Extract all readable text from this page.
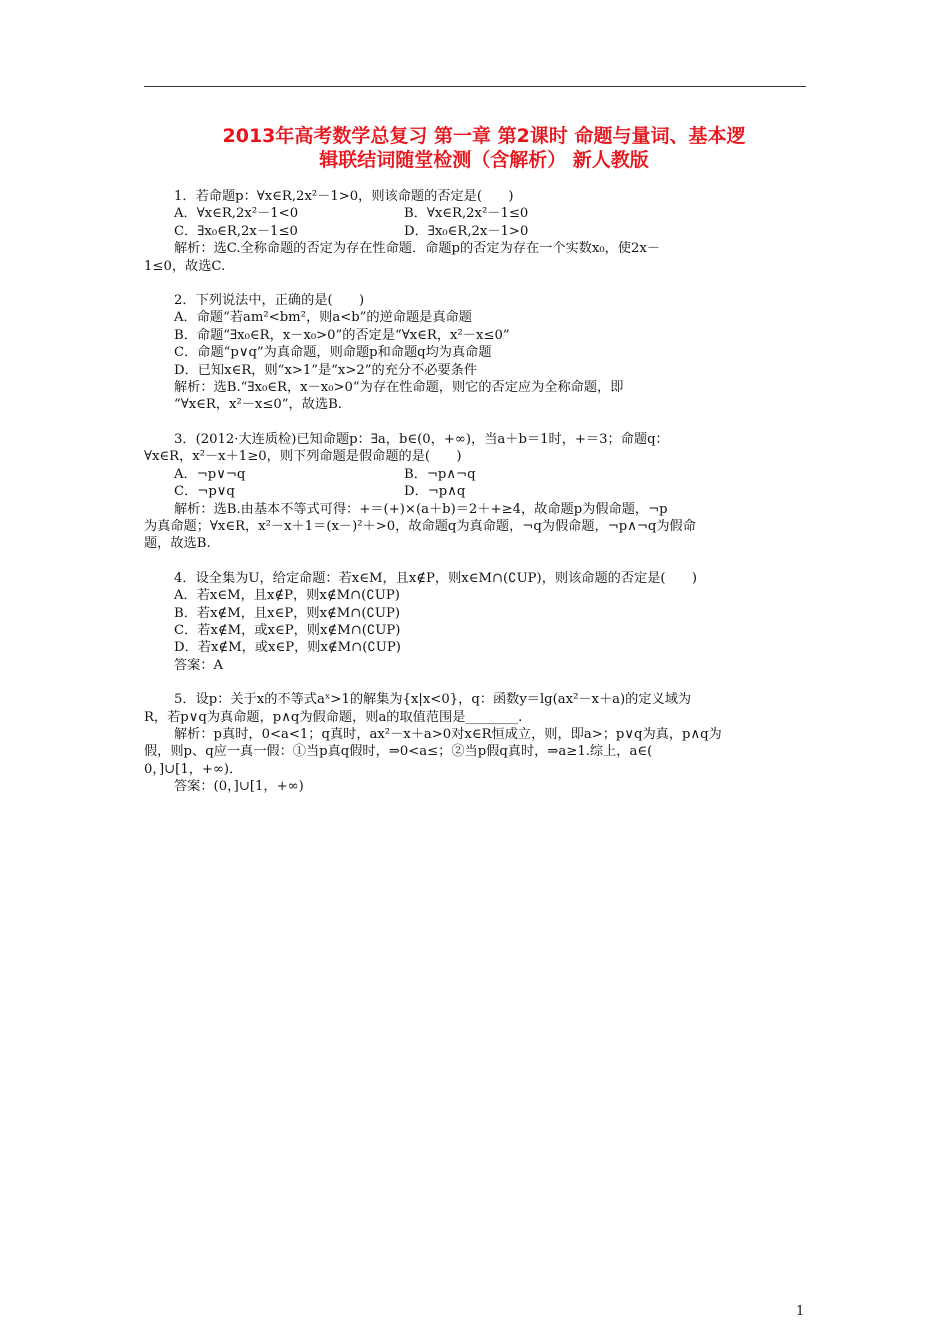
2013年高考数学总复习 第一章 第2课时 命题与量词、基本逻
辑联结词随堂检测（含解析） 新人教版
1．若命题p：∀x∈R,2x²－1>0，则该命题的否定是(　　)
A．∀x∈R,2x²－1<0	B．∀x∈R,2x²－1≤0
C．∃x₀∈R,2x－1≤0	D．∃x₀∈R,2x－1>0
解析：选C.全称命题的否定为存在性命题．命题p的否定为存在一个实数x₀，使2x－
1≤0，故选C.
2．下列说法中，正确的是(　　)
A．命题“若am²<bm²，则a<b”的逆命题是真命题
B．命题“∃x₀∈R，x－x₀>0”的否定是“∀x∈R，x²－x≤0”
C．命题“p∨q”为真命题，则命题p和命题q均为真命题
D．已知x∈R，则“x>1”是“x>2”的充分不必要条件
解析：选B.“∃x₀∈R，x－x₀>0”为存在性命题，则它的否定应为全称命题，即
“∀x∈R，x²－x≤0”，故选B.
3．(2012·大连质检)已知命题p：∃a，b∈(0，+∞)，当a＋b＝1时，+＝3；命题q：
∀x∈R，x²－x＋1≥0，则下列命题是假命题的是(　　)
A．¬p∨¬q	B．¬p∧¬q
C．¬p∨q	D．¬p∧q
解析：选B.由基本不等式可得：+＝(+)×(a＋b)＝2＋+≥4，故命题p为假命题，¬p
为真命题；∀x∈R，x²－x＋1＝(x－)²＋>0，故命题q为真命题，¬q为假命题，¬p∧¬q为假命
题，故选B.
4．设全集为U，给定命题：若x∈M，且x∉P，则x∈M∩(∁UP)，则该命题的否定是(　　)
A．若x∈M，且x∉P，则x∉M∩(∁UP)
B．若x∉M，且x∈P，则x∉M∩(∁UP)
C．若x∉M，或x∈P，则x∉M∩(∁UP)
D．若x∉M，或x∈P，则x∉M∩(∁UP)
答案：A
5．设p：关于x的不等式aˣ>1的解集为{x|x<0}，q：函数y＝lg(ax²－x＋a)的定义域为
R，若p∨q为真命题，p∧q为假命题，则a的取值范围是________.
解析：p真时，0<a<1；q真时，ax²－x＋a>0对x∈R恒成立，则，即a>；p∨q为真，p∧q为
假，则p、q应一真一假：①当p真q假时，⇒0<a≤；②当p假q真时，⇒a≥1.综上，a∈(
0，]∪[1，+∞)．
答案：(0，]∪[1，+∞)
1
